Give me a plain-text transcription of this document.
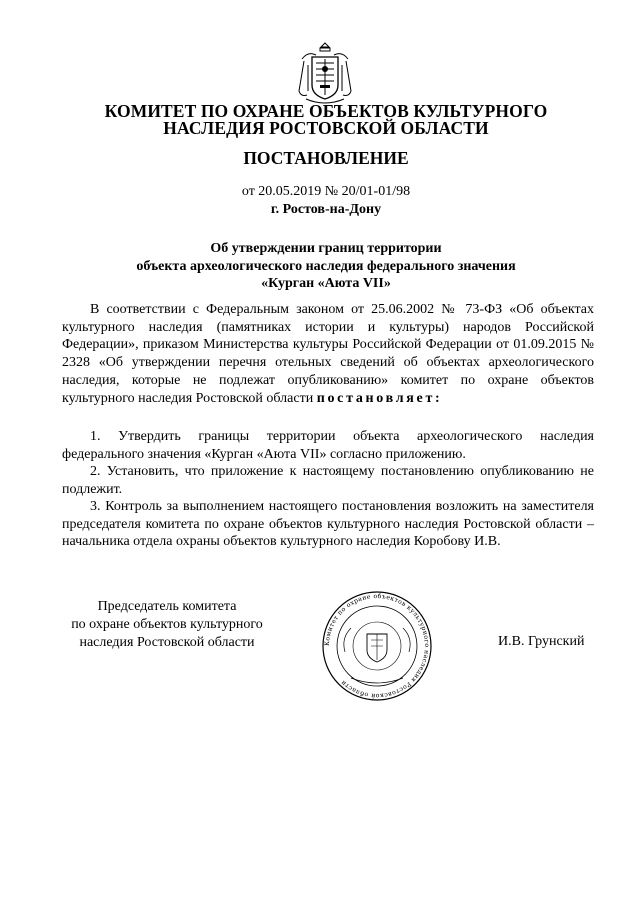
КОМИТЕТ ПО ОХРАНЕ ОБЪЕКТОВ КУЛЬТУРНОГО
НАСЛЕДИЯ РОСТОВСКОЙ ОБЛАСТИ
ПОСТАНОВЛЕНИЕ
от 20.05.2019 № 20/01-01/98
г. Ростов-на-Дону
Об утверждении границ территории
объекта археологического наследия федерального значения
«Курган «Аюта VII»
В соответствии с Федеральным законом от 25.06.2002 № 73-ФЗ «Об объектах культурного наследия (памятниках истории и культуры) народов Российской Федерации», приказом Министерства культуры Российской Федерации от 01.09.2015 № 2328 «Об утверждении перечня отельных сведений об объектах археологического наследия, которые не подлежат опубликованию» комитет по охране объектов культурного наследия Ростовской области постановляет:
1. Утвердить границы территории объекта археологического наследия федерального значения «Курган «Аюта VII» согласно приложению.
2. Установить, что приложение к настоящему постановлению опубликованию не подлежит.
3. Контроль за выполнением настоящего постановления возложить на заместителя председателя комитета по охране объектов культурного наследия Ростовской области – начальника отдела охраны объектов культурного наследия Коробову И.В.
Председатель комитета
по охране объектов культурного
наследия Ростовской области	Комитет по охране объектов культурного наследия Ростовской области
И.В. Грунский
